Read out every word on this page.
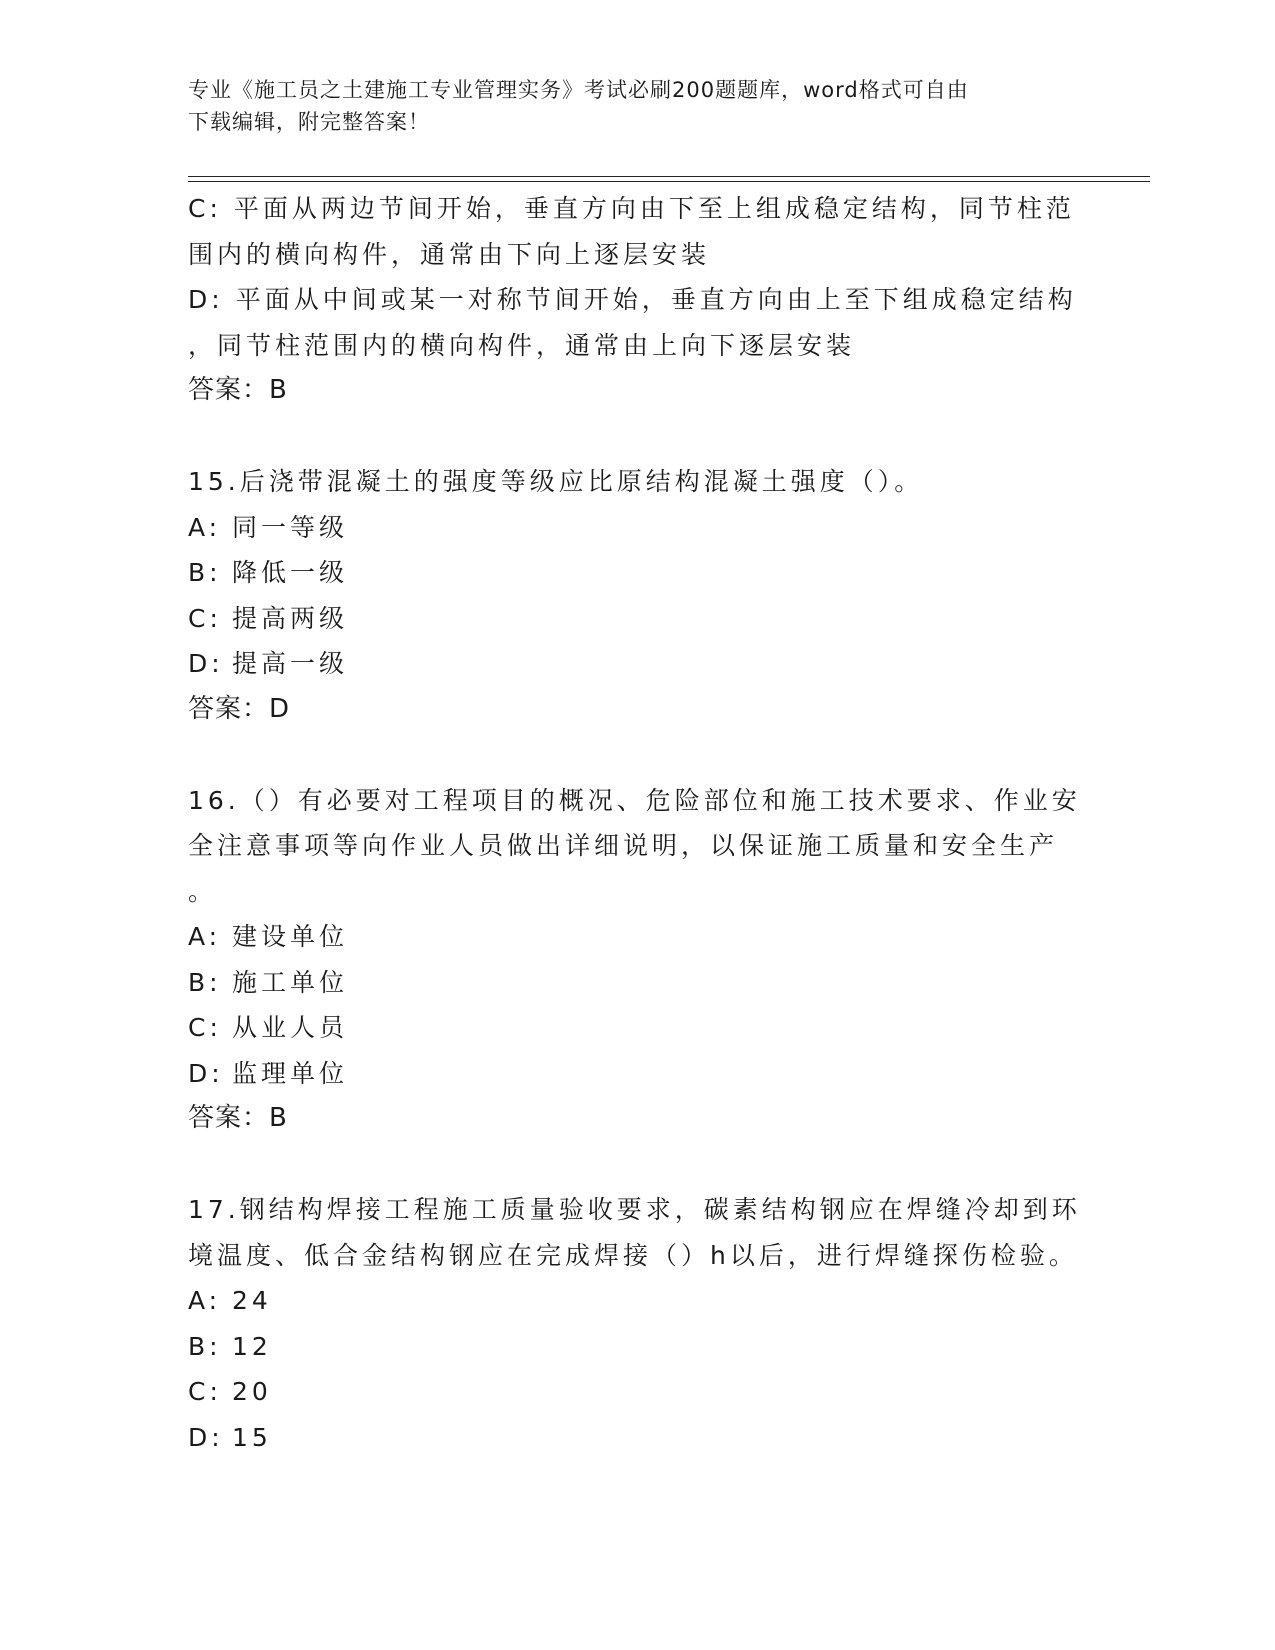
专业《施工员之土建施工专业管理实务》考试必刷200题题库，word格式可自由
下载编辑，附完整答案！
C: 平面从两边节间开始，垂直方向由下至上组成稳定结构，同节柱范
围内的横向构件，通常由下向上逐层安装
D: 平面从中间或某一对称节间开始，垂直方向由上至下组成稳定结构
，同节柱范围内的横向构件，通常由上向下逐层安装
答案：B
15.后浇带混凝土的强度等级应比原结构混凝土强度（）。
A: 同一等级
B: 降低一级
C: 提高两级
D: 提高一级
答案：D
16.（）有必要对工程项目的概况、危险部位和施工技术要求、作业安
全注意事项等向作业人员做出详细说明，以保证施工质量和安全生产
。
A: 建设单位
B: 施工单位
C: 从业人员
D: 监理单位
答案：B
17.钢结构焊接工程施工质量验收要求，碳素结构钢应在焊缝冷却到环
境温度、低合金结构钢应在完成焊接（）h以后，进行焊缝探伤检验。
A: 24
B: 12
C: 20
D: 15
